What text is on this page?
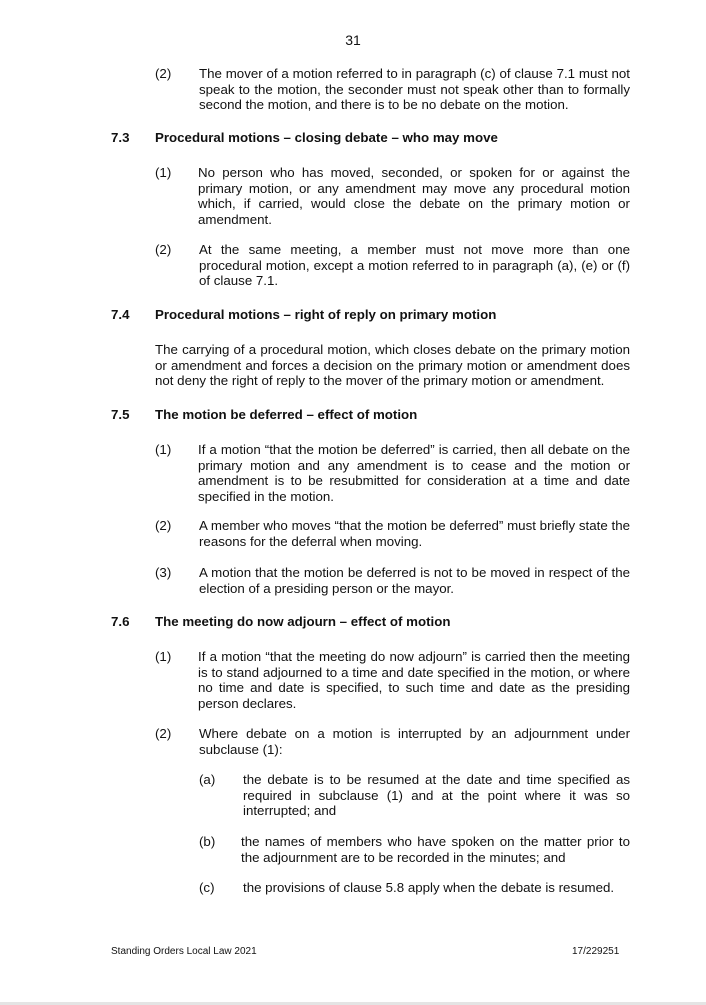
31
(2) The mover of a motion referred to in paragraph (c) of clause 7.1 must not speak to the motion, the seconder must not speak other than to formally second the motion, and there is to be no debate on the motion.
7.3 Procedural motions – closing debate – who may move
(1) No person who has moved, seconded, or spoken for or against the primary motion, or any amendment may move any procedural motion which, if carried, would close the debate on the primary motion or amendment.
(2) At the same meeting, a member must not move more than one procedural motion, except a motion referred to in paragraph (a), (e) or (f) of clause 7.1.
7.4 Procedural motions – right of reply on primary motion
The carrying of a procedural motion, which closes debate on the primary motion or amendment and forces a decision on the primary motion or amendment does not deny the right of reply to the mover of the primary motion or amendment.
7.5 The motion be deferred – effect of motion
(1) If a motion “that the motion be deferred” is carried, then all debate on the primary motion and any amendment is to cease and the motion or amendment is to be resubmitted for consideration at a time and date specified in the motion.
(2) A member who moves “that the motion be deferred” must briefly state the reasons for the deferral when moving.
(3) A motion that the motion be deferred is not to be moved in respect of the election of a presiding person or the mayor.
7.6 The meeting do now adjourn – effect of motion
(1) If a motion “that the meeting do now adjourn” is carried then the meeting is to stand adjourned to a time and date specified in the motion, or where no time and date is specified, to such time and date as the presiding person declares.
(2) Where debate on a motion is interrupted by an adjournment under subclause (1):
(a) the debate is to be resumed at the date and time specified as required in subclause (1) and at the point where it was so interrupted; and
(b) the names of members who have spoken on the matter prior to the adjournment are to be recorded in the minutes; and
(c) the provisions of clause 5.8 apply when the debate is resumed.
Standing Orders Local Law 2021	17/229251
